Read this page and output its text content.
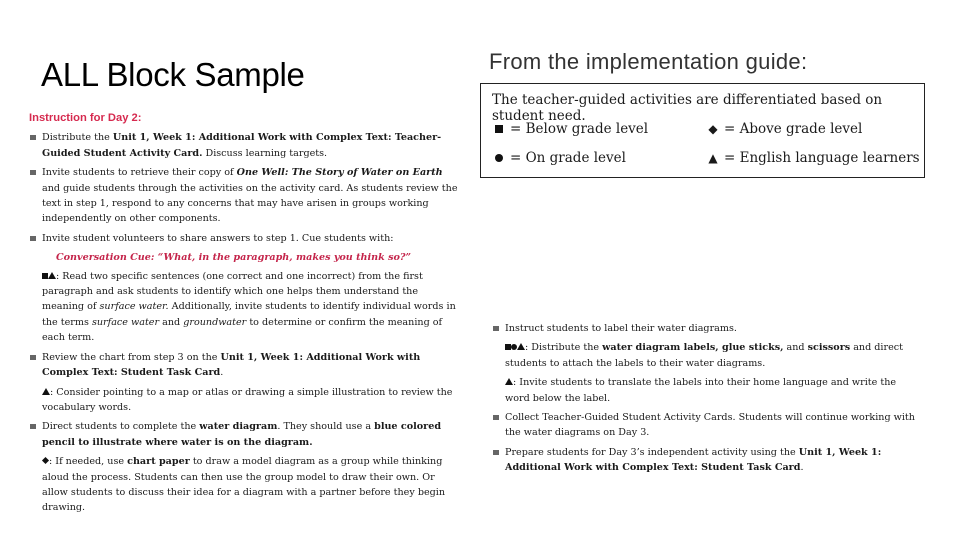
ALL Block Sample	From the implementation guide:
The teacher-guided activities are differentiated based on student need.
= Below grade level	◆ = Above grade level
= On grade level	▲ = English language learners
Instruction for Day 2:
Distribute the Unit 1, Week 1: Additional Work with Complex Text: Teacher-Guided Student Activity Card. Discuss learning targets.
Invite students to retrieve their copy of One Well: The Story of Water on Earth and guide students through the activities on the activity card. As students review the text in step 1, respond to any concerns that may have arisen in groups working independently on other components.
Invite student volunteers to share answers to step 1. Cue students with:
Conversation Cue: “What, in the paragraph, makes you think so?”
: Read two specific sentences (one correct and one incorrect) from the first paragraph and ask students to identify which one helps them understand the meaning of surface water. Additionally, invite students to identify individual words in the terms surface water and groundwater to determine or confirm the meaning of each term.
Review the chart from step 3 on the Unit 1, Week 1: Additional Work with Complex Text: Student Task Card.
: Consider pointing to a map or atlas or drawing a simple illustration to review the vocabulary words.
Direct students to complete the water diagram. They should use a blue colored pencil to illustrate where water is on the diagram.
: If needed, use chart paper to draw a model diagram as a group while thinking aloud the process. Students can then use the group model to draw their own. Or allow students to discuss their idea for a diagram with a partner before they begin drawing.
Instruct students to label their water diagrams.
: Distribute the water diagram labels, glue sticks, and scissors and direct students to attach the labels to their water diagrams.
: Invite students to translate the labels into their home language and write the word below the label.
Collect Teacher-Guided Student Activity Cards. Students will continue working with the water diagrams on Day 3.
Prepare students for Day 3’s independent activity using the Unit 1, Week 1: Additional Work with Complex Text: Student Task Card.
